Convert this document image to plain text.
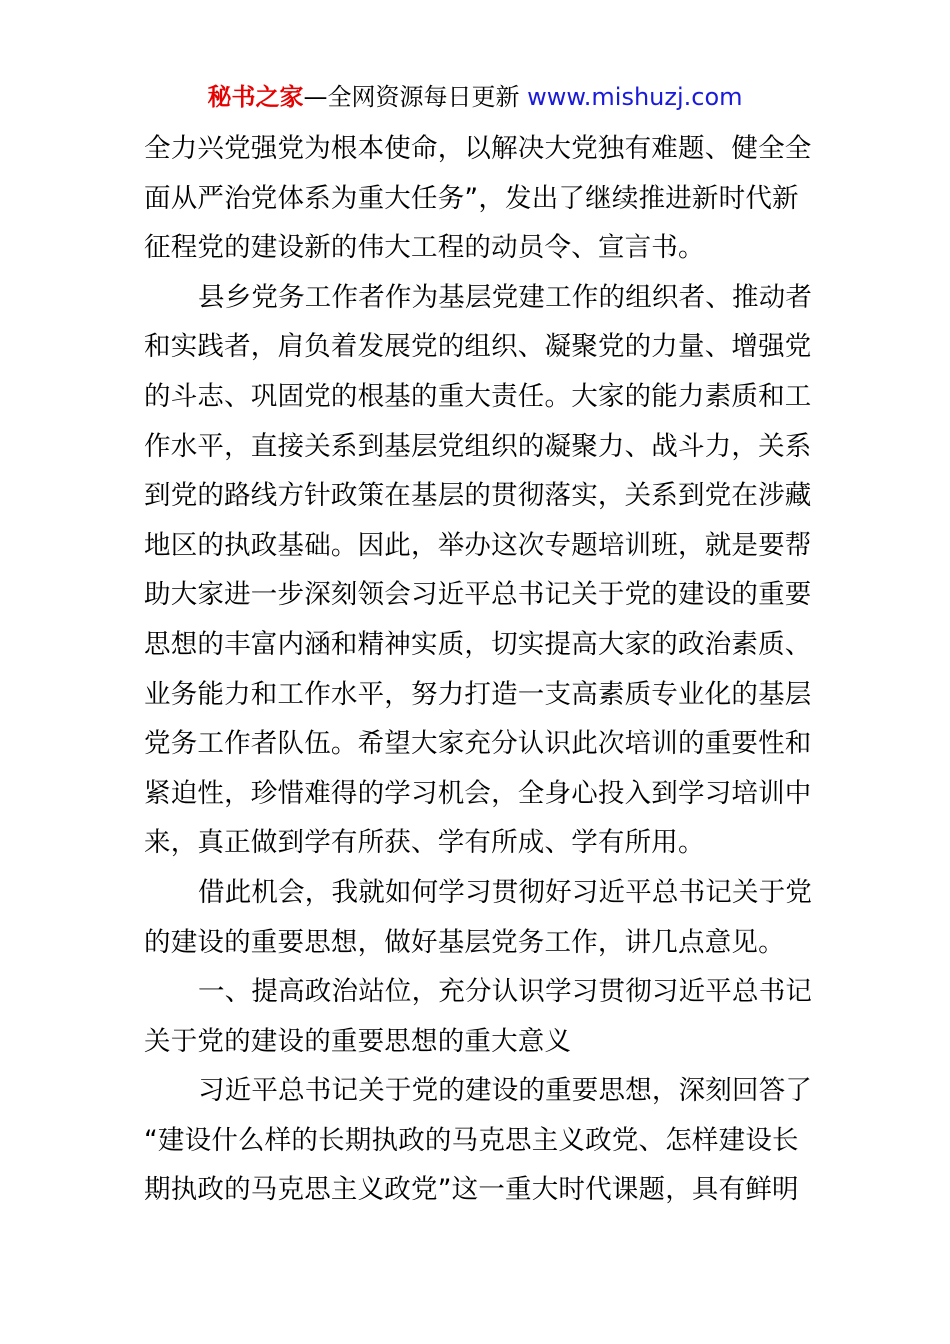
秘书之家—全网资源每日更新 www.mishuzj.com
全力兴党强党为根本使命，以解决大党独有难题、健全全
面从严治党体系为重大任务”，发出了继续推进新时代新
征程党的建设新的伟大工程的动员令、宣言书。
县乡党务工作者作为基层党建工作的组织者、推动者
和实践者，肩负着发展党的组织、凝聚党的力量、增强党
的斗志、巩固党的根基的重大责任。大家的能力素质和工
作水平，直接关系到基层党组织的凝聚力、战斗力，关系
到党的路线方针政策在基层的贯彻落实，关系到党在涉藏
地区的执政基础。因此，举办这次专题培训班，就是要帮
助大家进一步深刻领会习近平总书记关于党的建设的重要
思想的丰富内涵和精神实质，切实提高大家的政治素质、
业务能力和工作水平，努力打造一支高素质专业化的基层
党务工作者队伍。希望大家充分认识此次培训的重要性和
紧迫性，珍惜难得的学习机会，全身心投入到学习培训中
来，真正做到学有所获、学有所成、学有所用。
借此机会，我就如何学习贯彻好习近平总书记关于党
的建设的重要思想，做好基层党务工作，讲几点意见。
一、提高政治站位，充分认识学习贯彻习近平总书记
关于党的建设的重要思想的重大意义
习近平总书记关于党的建设的重要思想，深刻回答了
“建设什么样的长期执政的马克思主义政党、怎样建设长
期执政的马克思主义政党”这一重大时代课题，具有鲜明
